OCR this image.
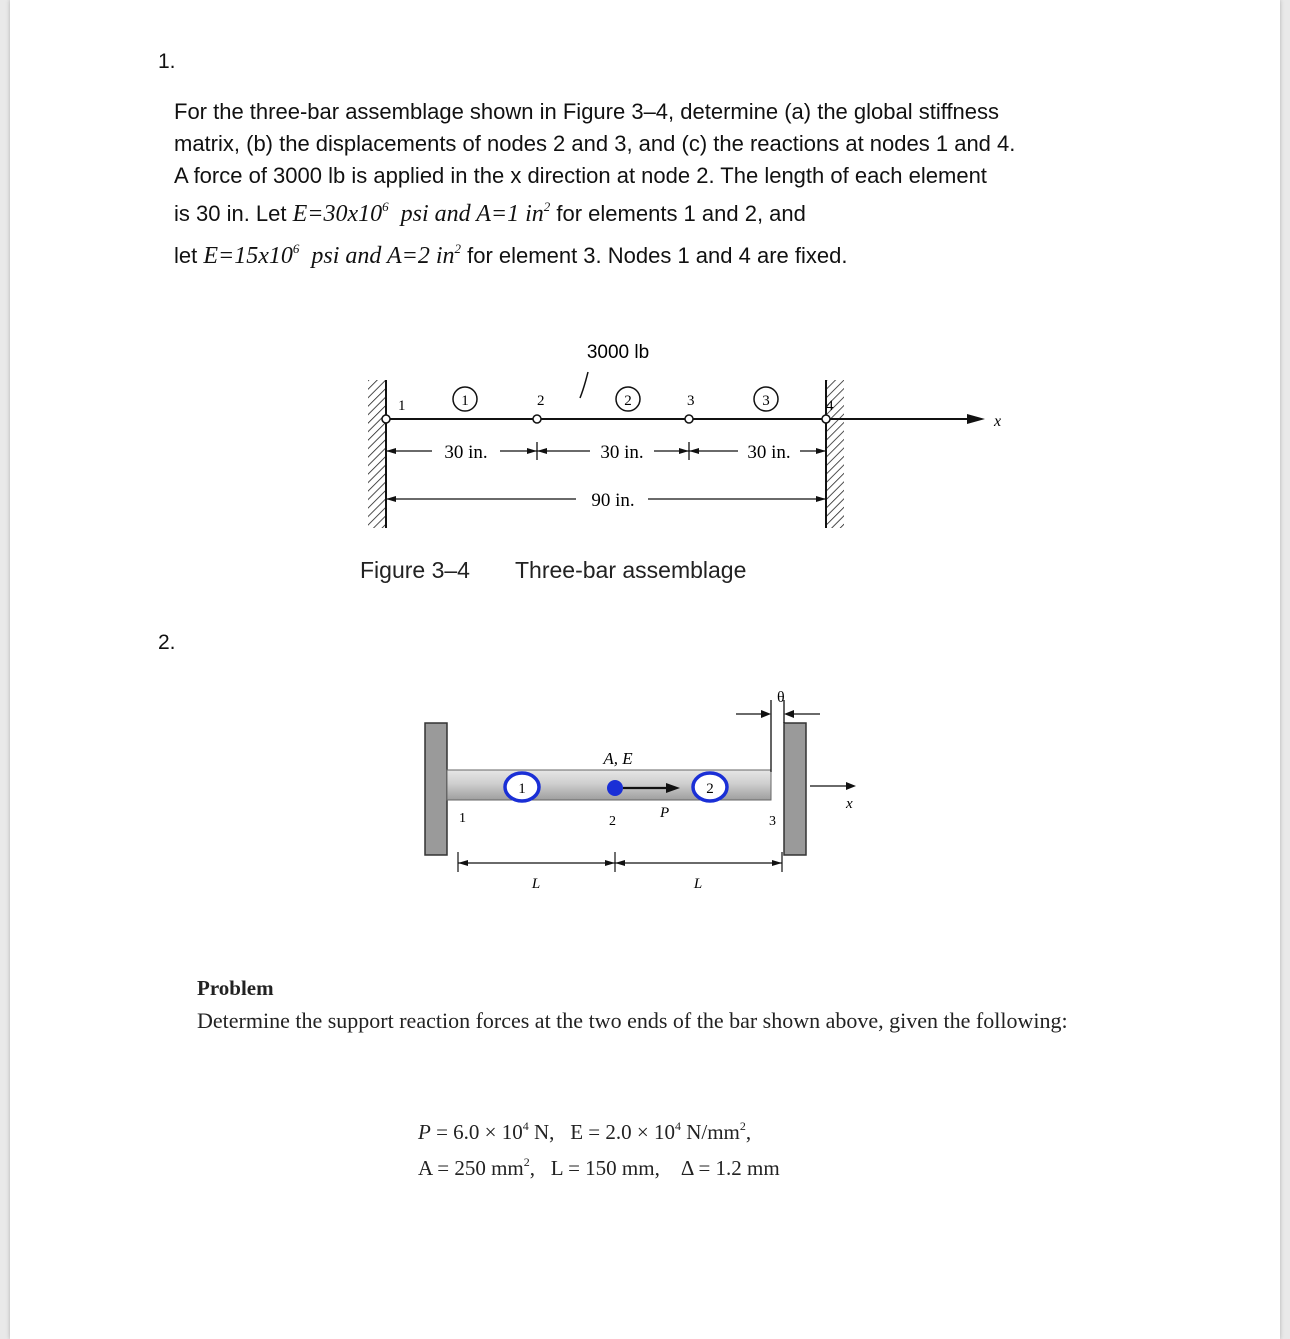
1.
For the three-bar assemblage shown in Figure 3–4, determine (a) the global stiffness
matrix, (b) the displacements of nodes 2 and 3, and (c) the reactions at nodes 1 and 4.
A force of 3000 lb is applied in the x direction at node 2. The length of each element
is 30 in. Let $E=30x10^6$ psi and A=1 $in^2$ for elements 1 and 2, and
let $E=15x10^6$ psi and A=2 $in^2$ for element 3. Nodes 1 and 4 are fixed.
x
1	2	3	4
1	2	3
3000 lb
30 in.	30 in.	30 in.
90 in.
Figure 3–4 Three-bar assemblage
2.
θ
x
A, E
1	2
P
1	2	3
L	L
Problem
Determine the support reaction forces at the two ends of the bar shown above, given the following:
$P = 6.0 \times 10^4$ N, $E = 2.0 \times 10^4$ $N/mm^2$,
A = 250 $mm^2$, L = 150 mm, Δ = 1.2 mm
